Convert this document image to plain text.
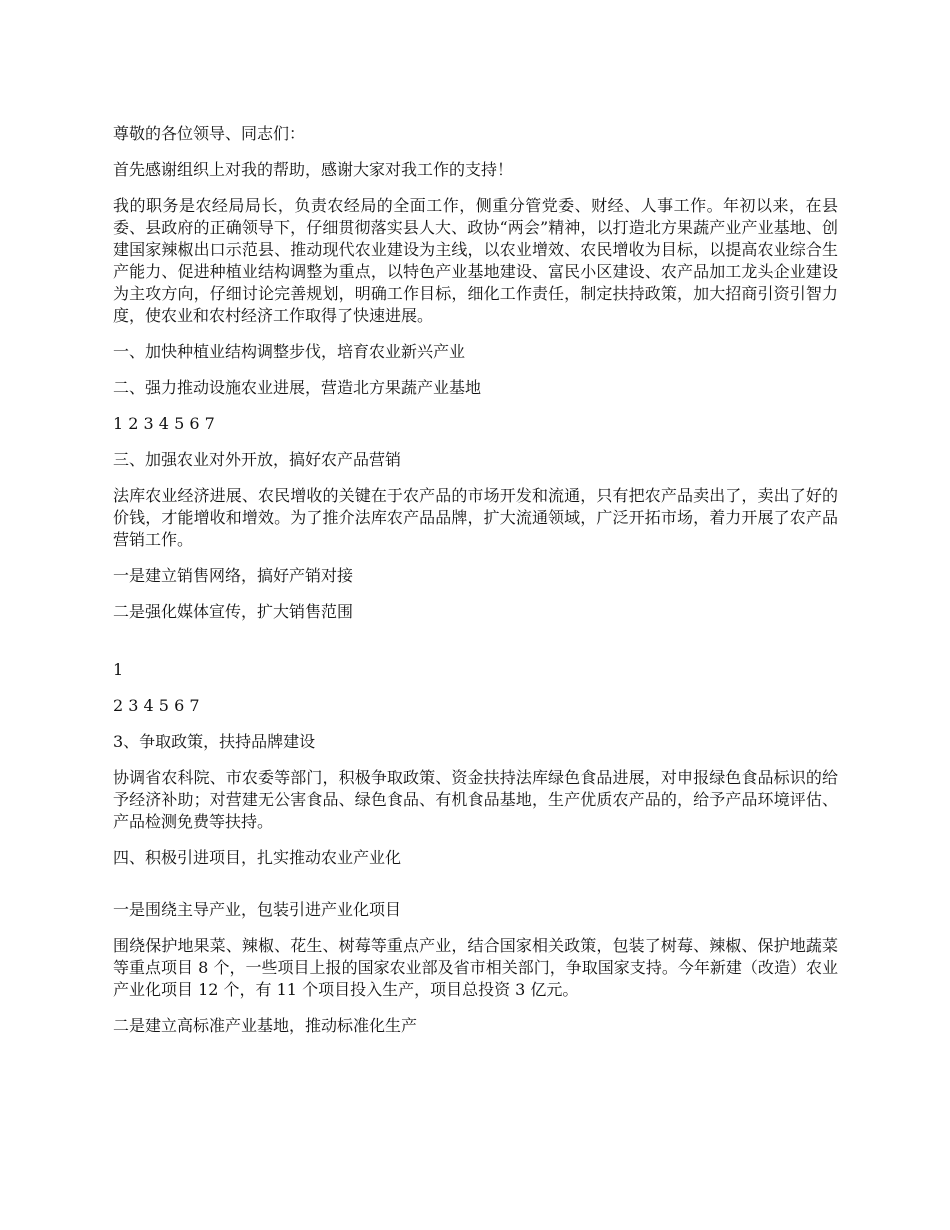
尊敬的各位领导、同志们：

首先感谢组织上对我的帮助，感谢大家对我工作的支持！

我的职务是农经局局长，负责农经局的全面工作，侧重分管党委、财经、人事工作。年初以来，在县委、县政府的正确领导下，仔细贯彻落实县人大、政协“两会”精神，以打造北方果蔬产业产业基地、创建国家辣椒出口示范县、推动现代农业建设为主线，以农业增效、农民增收为目标，以提高农业综合生产能力、促进种植业结构调整为重点，以特色产业基地建设、富民小区建设、农产品加工龙头企业建设为主攻方向，仔细讨论完善规划，明确工作目标，细化工作责任，制定扶持政策，加大招商引资引智力度，使农业和农村经济工作取得了快速进展。

一、加快种植业结构调整步伐，培育农业新兴产业

二、强力推动设施农业进展，营造北方果蔬产业基地

1 2 3 4 5 6 7

三、加强农业对外开放，搞好农产品营销

法库农业经济进展、农民增收的关键在于农产品的市场开发和流通，只有把农产品卖出了，卖出了好的价钱，才能增收和增效。为了推介法库农产品品牌，扩大流通领域，广泛开拓市场，着力开展了农产品营销工作。

一是建立销售网络，搞好产销对接

二是强化媒体宣传，扩大销售范围

1

2 3 4 5 6 7

3、争取政策，扶持品牌建设

协调省农科院、市农委等部门，积极争取政策、资金扶持法库绿色食品进展，对申报绿色食品标识的给予经济补助；对营建无公害食品、绿色食品、有机食品基地，生产优质农产品的，给予产品环境评估、产品检测免费等扶持。

四、积极引进项目，扎实推动农业产业化

一是围绕主导产业，包装引进产业化项目

围绕保护地果菜、辣椒、花生、树莓等重点产业，结合国家相关政策，包装了树莓、辣椒、保护地蔬菜等重点项目 8 个，一些项目上报的国家农业部及省市相关部门，争取国家支持。今年新建（改造）农业产业化项目 12 个，有 11 个项目投入生产，项目总投资 3 亿元。

二是建立高标准产业基地，推动标准化生产
